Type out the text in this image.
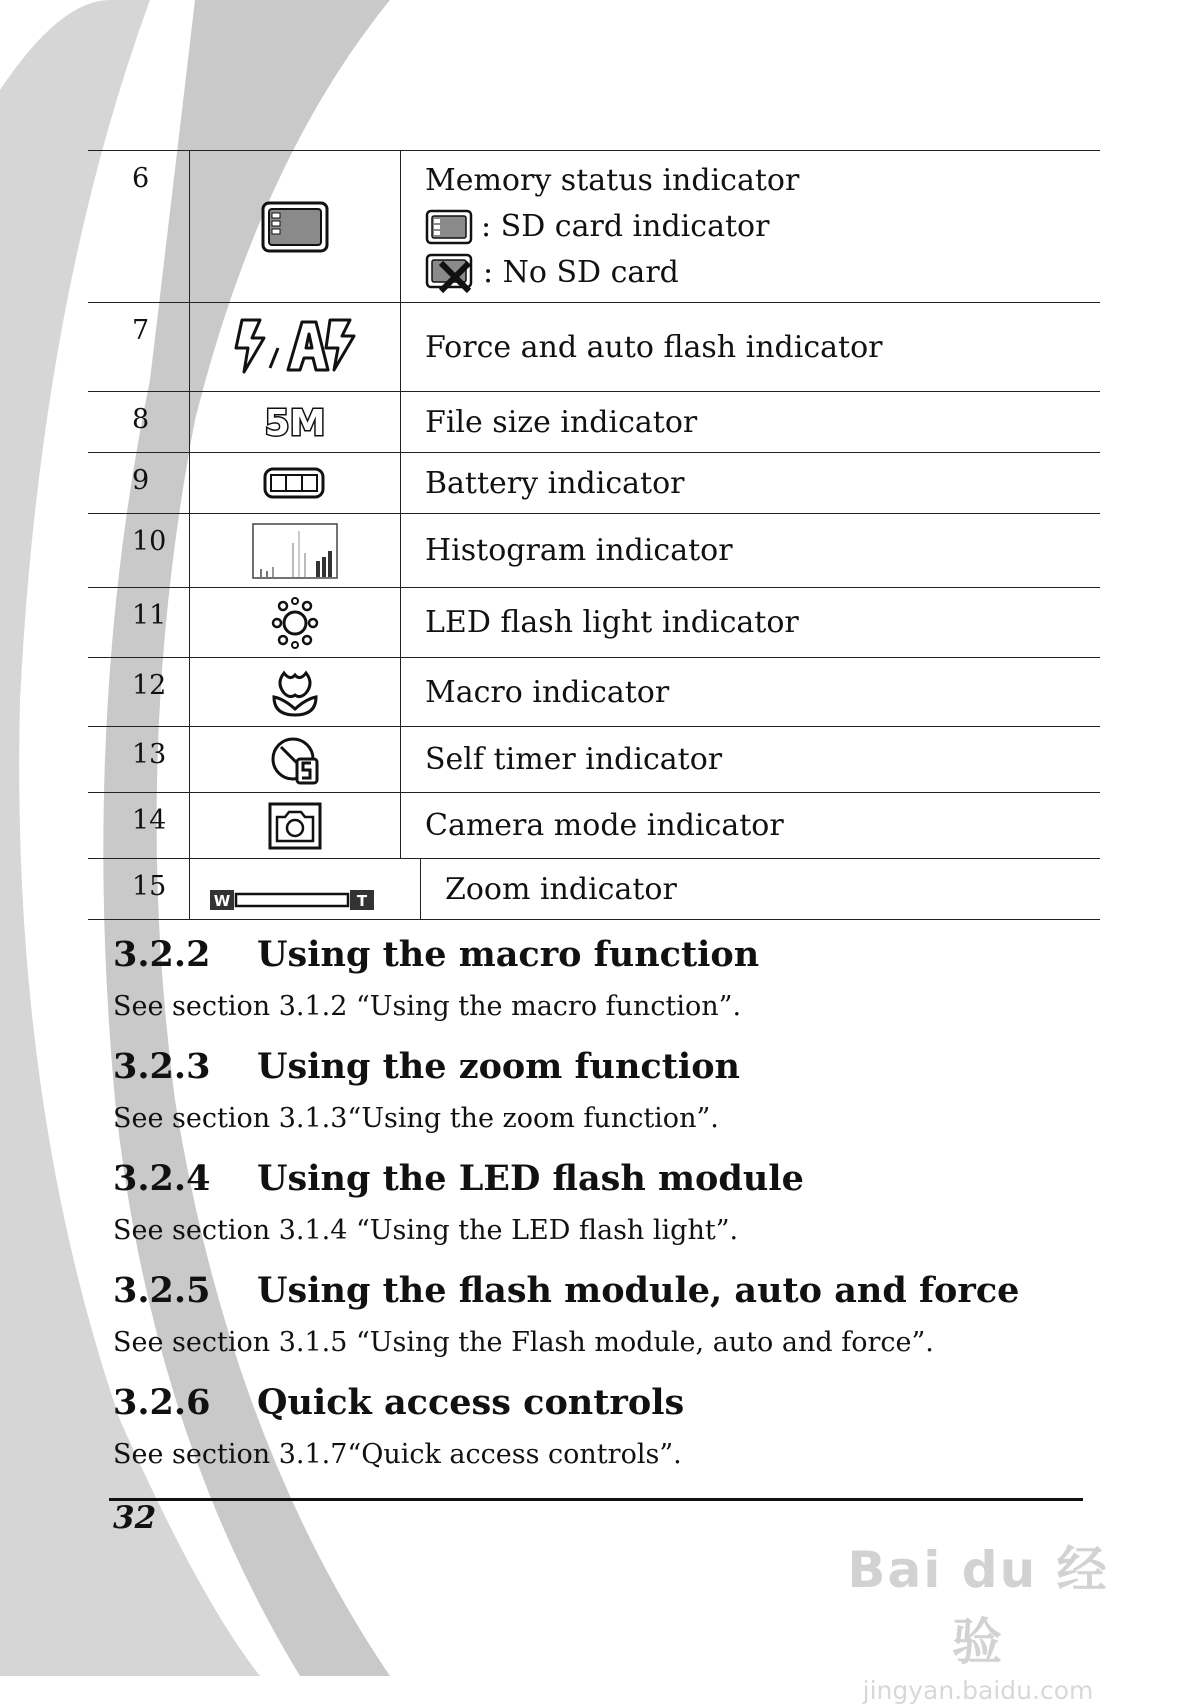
6	Memory status indicator
: SD card indicator
: No SD card
7	Force and auto flash indicator
8	5M	File size indicator
9	Battery indicator
10	Histogram indicator
11	LED flash light indicator
12	Macro indicator
13	Self timer indicator
14	Camera mode indicator
15	W	T	Zoom indicator
3.2.2	Using the macro function
See section 3.1.2 “Using the macro function”.
3.2.3	Using the zoom function
See section 3.1.3“Using the zoom function”.
3.2.4	Using the LED flash module
See section 3.1.4 “Using the LED flash light”.
3.2.5	Using the flash module, auto and force
See section 3.1.5 “Using the Flash module, auto and force”.
3.2.6	Quick access controls
See section 3.1.7“Quick access controls”.
32
Bai du 经验
jingyan.baidu.com
